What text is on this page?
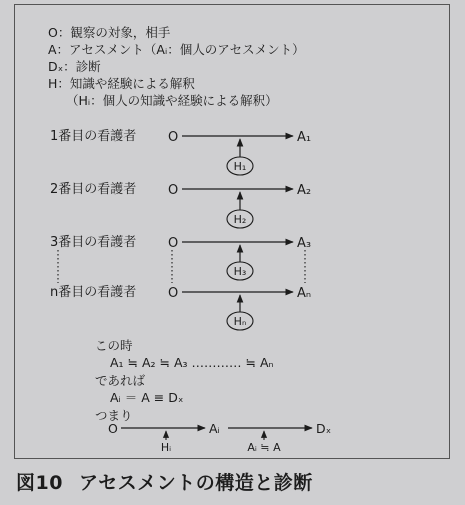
O：観察の対象，相手
A：アセスメント（Aᵢ：個人のアセスメント）
Dₓ：診断
H：知識や経験による解釈
（Hᵢ：個人の知識や経験による解釈）
1番目の看護者 O	A₁
H₁
2番目の看護者 O	A₂
H₂
3番目の看護者 O	A₃
H₃
n番目の看護者 O	Aₙ
Hₙ
この時
A₁ ≒ A₂ ≒ A₃ ………… ≒ Aₙ
であれば
Aᵢ ＝ A ≡ Dₓ
つまり
O	Aᵢ	Dₓ
Hᵢ	Aᵢ ≒ A
図10 アセスメントの構造と診断
